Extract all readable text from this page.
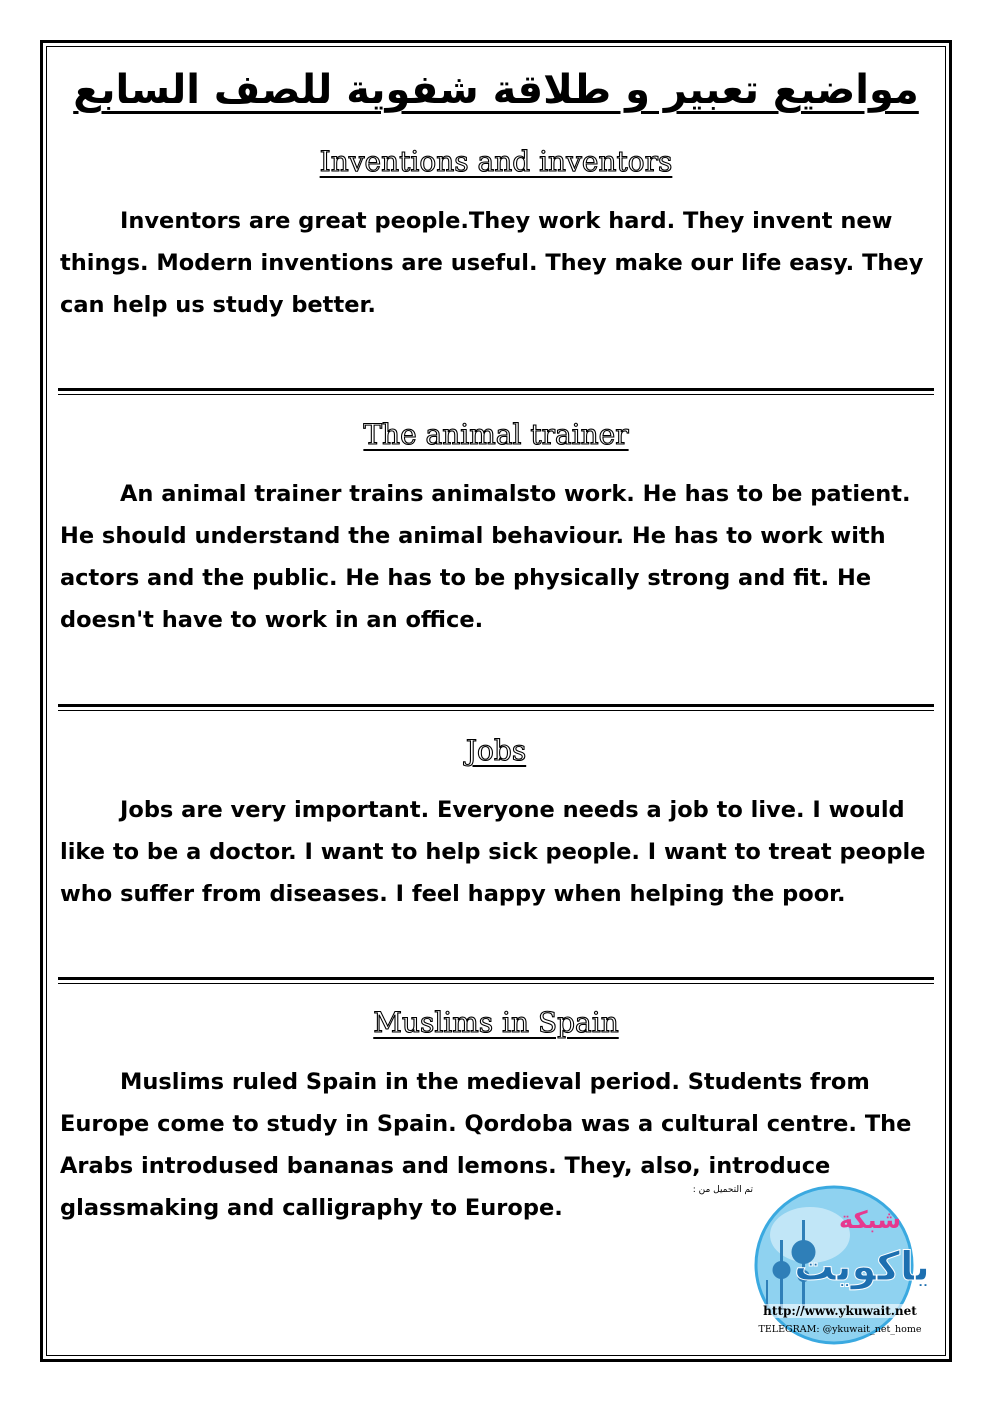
مواضيع تعبير و طلاقة شفوية للصف السابع
Inventions and inventors

Inventors are great people.They work hard. They invent new things. Modern inventions are useful. They make our life easy. They can help us study better.

The animal trainer

An animal trainer trains animalsto work. He has to be patient. He should understand the animal behaviour. He has to work with actors and the public. He has to be physically strong and fit. He doesn't have to work in an office.

Jobs

Jobs are very important. Everyone needs a job to live. I would like to be a doctor. I want to help sick people. I want to treat people who suffer from diseases. I feel happy when helping the poor.

Muslims in Spain

Muslims ruled Spain in the medieval period. Students from Europe come to study in Spain. Qordoba was a cultural centre. The Arabs introdused bananas and lemons. They, also, introduce glassmaking and calligraphy to Europe.

تم التحميل من :
شبكة
ياكويت
http://www.ykuwait.net
TELEGRAM: @ykuwait_net_home
